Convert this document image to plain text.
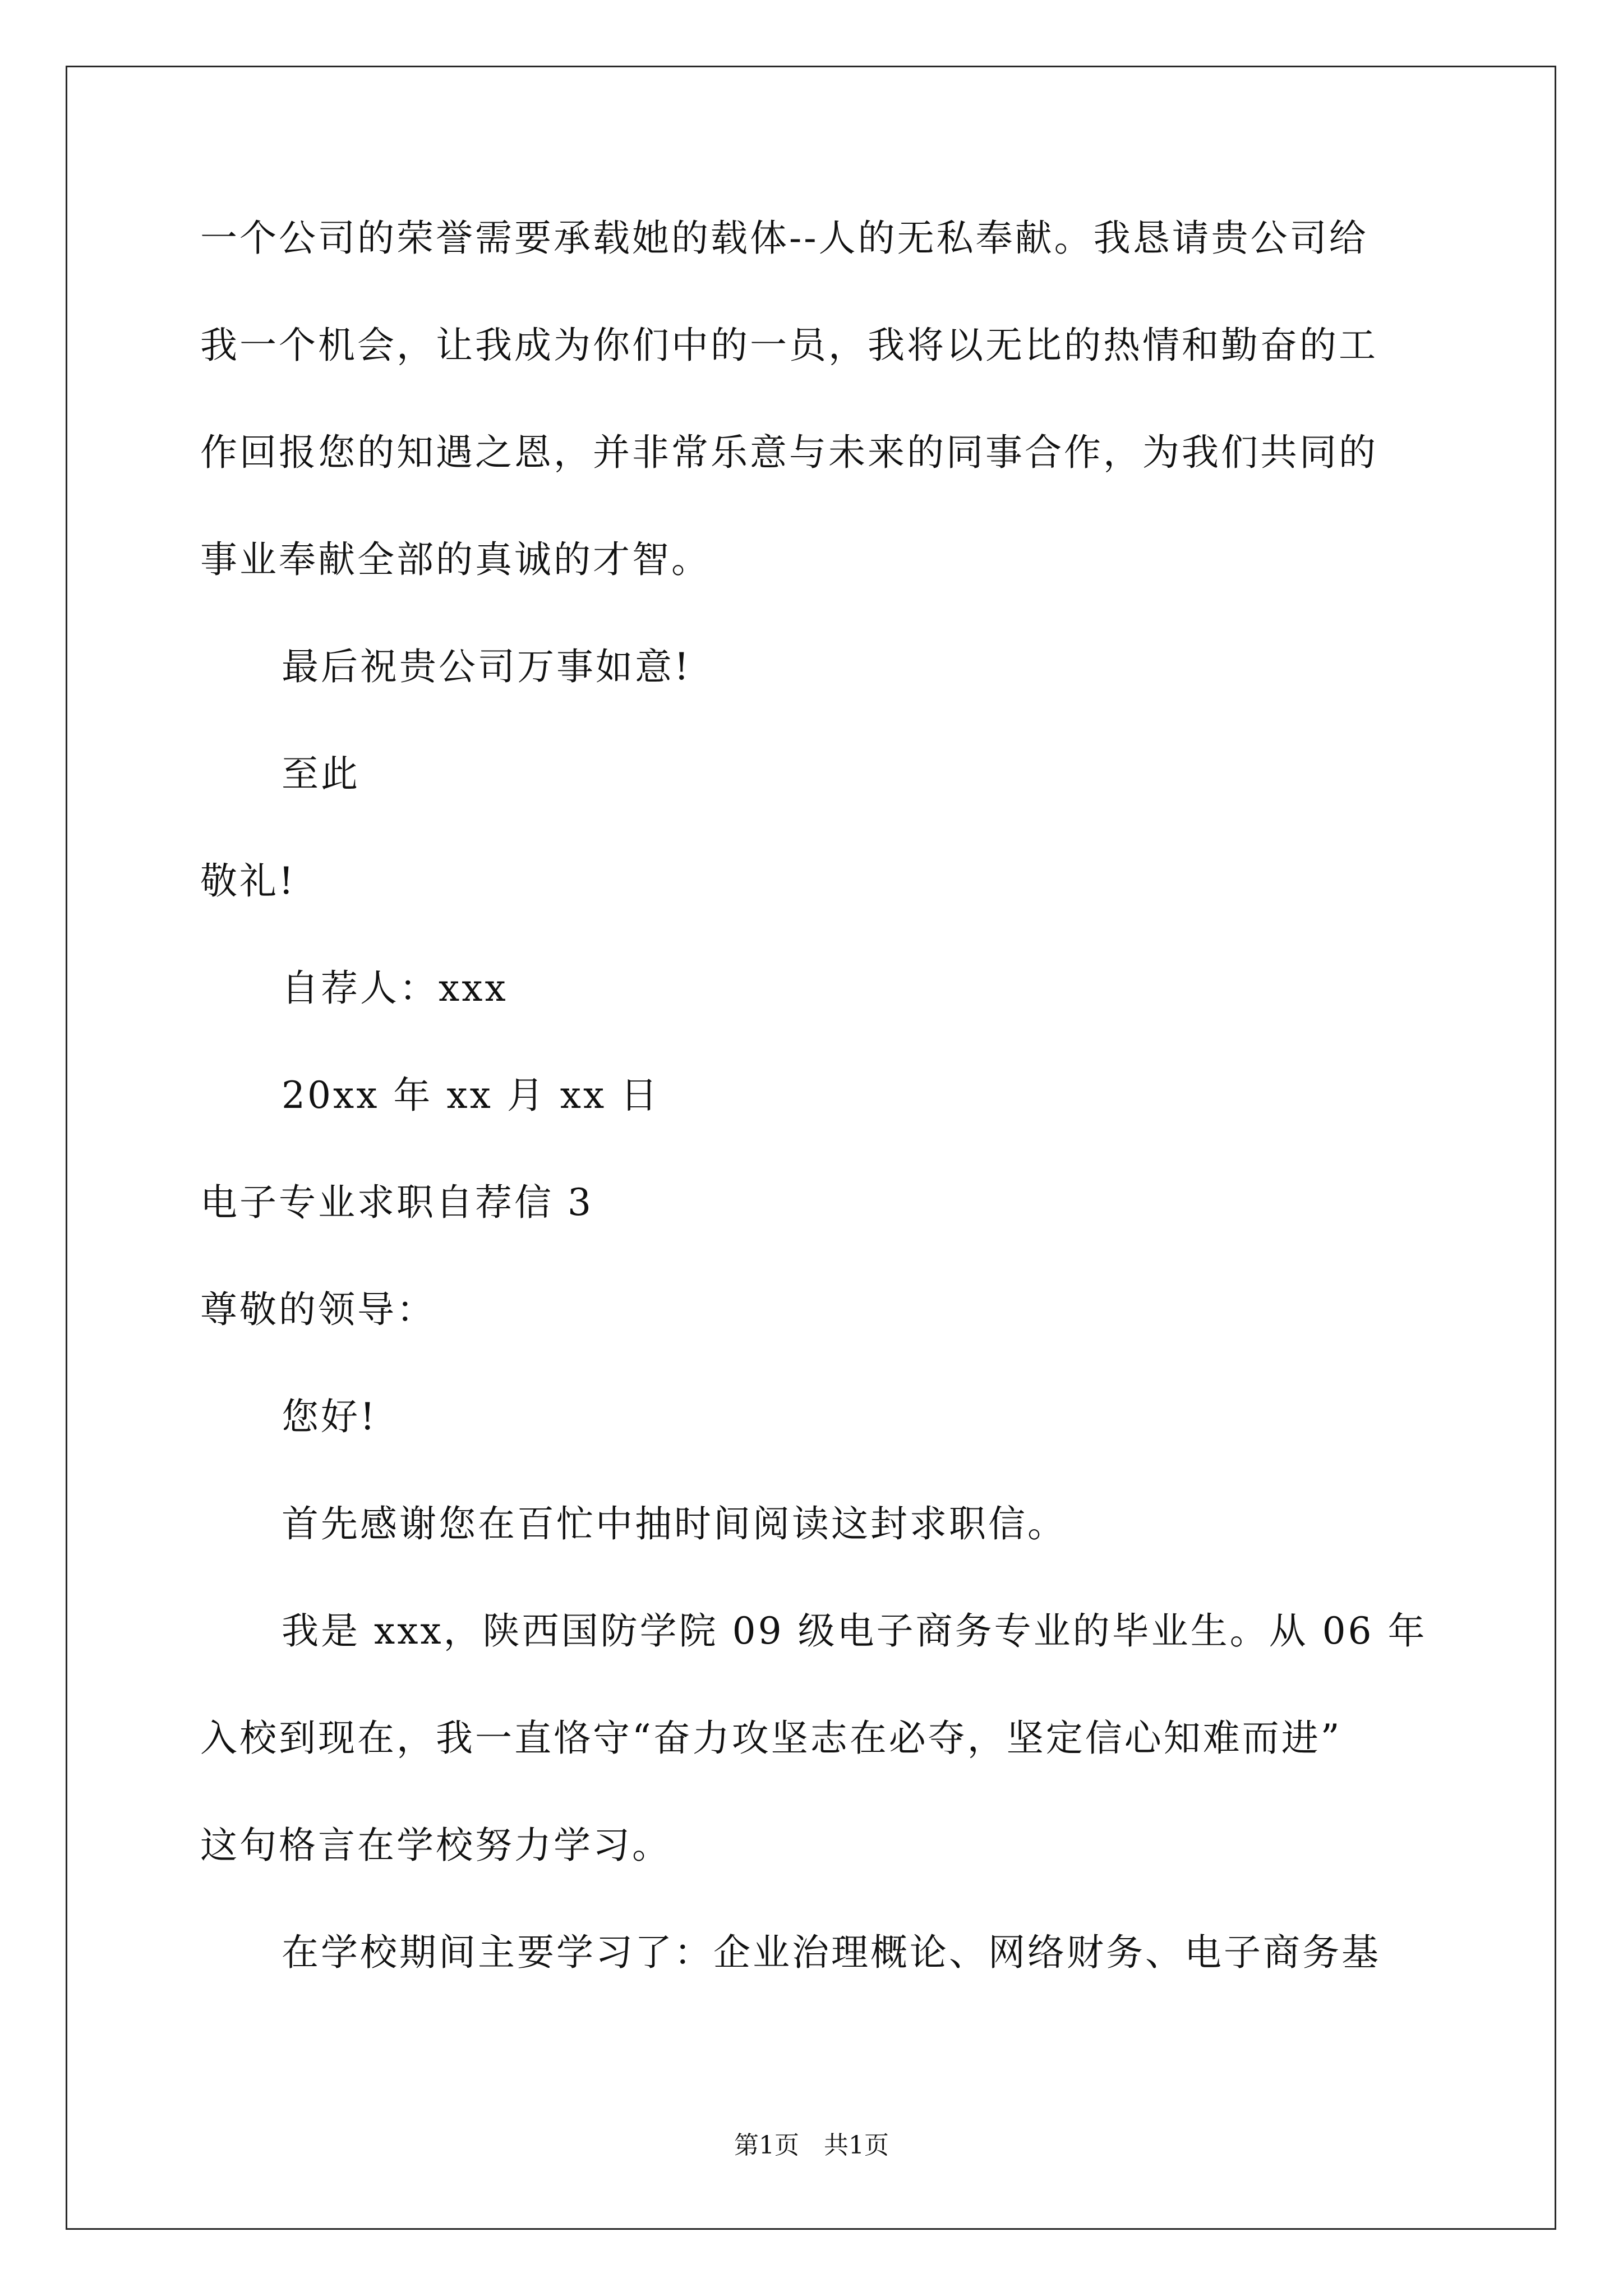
一个公司的荣誉需要承载她的载体--人的无私奉献。我恳请贵公司给
我一个机会，让我成为你们中的一员，我将以无比的热情和勤奋的工
作回报您的知遇之恩，并非常乐意与未来的同事合作，为我们共同的
事业奉献全部的真诚的才智。
最后祝贵公司万事如意!
至此
敬礼!
自荐人：xxx
20xx 年 xx 月 xx 日
电子专业求职自荐信 3
尊敬的领导：
您好!
首先感谢您在百忙中抽时间阅读这封求职信。
我是 xxx，陕西国防学院 09 级电子商务专业的毕业生。从 06 年
入校到现在，我一直恪守“奋力攻坚志在必夺，坚定信心知难而进”
这句格言在学校努力学习。
在学校期间主要学习了：企业治理概论、网络财务、电子商务基
第1页　共1页
